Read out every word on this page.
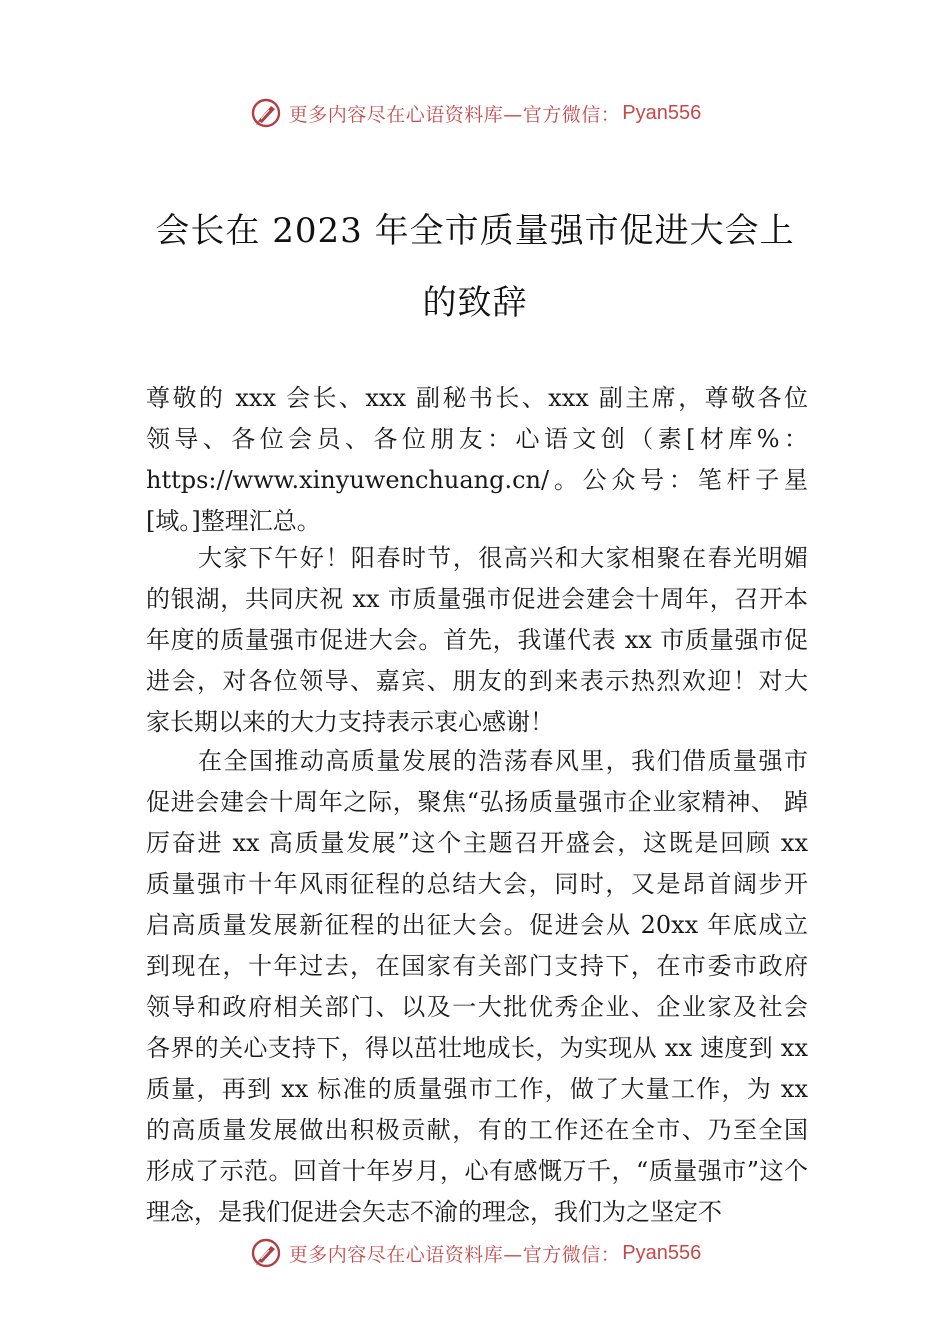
更多内容尽在心语资料库—官方微信： Pyan556
会长在 2023 年全市质量强市促进大会上
的致辞
尊敬的 xxx 会长、xxx 副秘书长、xxx 副主席，尊敬各位
领导、各位会员、各位朋友：心语文创（素[材库%：
https://www.xinyuwenchuang.cn/。公众号：笔杆子星
[域。]整理汇总。
大家下午好！阳春时节，很高兴和大家相聚在春光明媚
的银湖，共同庆祝 xx 市质量强市促进会建会十周年，召开本
年度的质量强市促进大会。首先，我谨代表 xx 市质量强市促
进会，对各位领导、嘉宾、朋友的到来表示热烈欢迎！对大
家长期以来的大力支持表示衷心感谢！
在全国推动高质量发展的浩荡春风里，我们借质量强市
促进会建会十周年之际，聚焦“弘扬质量强市企业家精神、 踔
厉奋进 xx 高质量发展”这个主题召开盛会，这既是回顾 xx
质量强市十年风雨征程的总结大会，同时，又是昂首阔步开
启高质量发展新征程的出征大会。促进会从 20xx 年底成立
到现在，十年过去，在国家有关部门支持下，在市委市政府
领导和政府相关部门、以及一大批优秀企业、企业家及社会
各界的关心支持下，得以茁壮地成长，为实现从 xx 速度到 xx
质量，再到 xx 标准的质量强市工作，做了大量工作，为 xx
的高质量发展做出积极贡献，有的工作还在全市、乃至全国
形成了示范。回首十年岁月，心有感慨万千，“质量强市”这个
理念，是我们促进会矢志不渝的理念，我们为之坚定不
更多内容尽在心语资料库—官方微信： Pyan556
